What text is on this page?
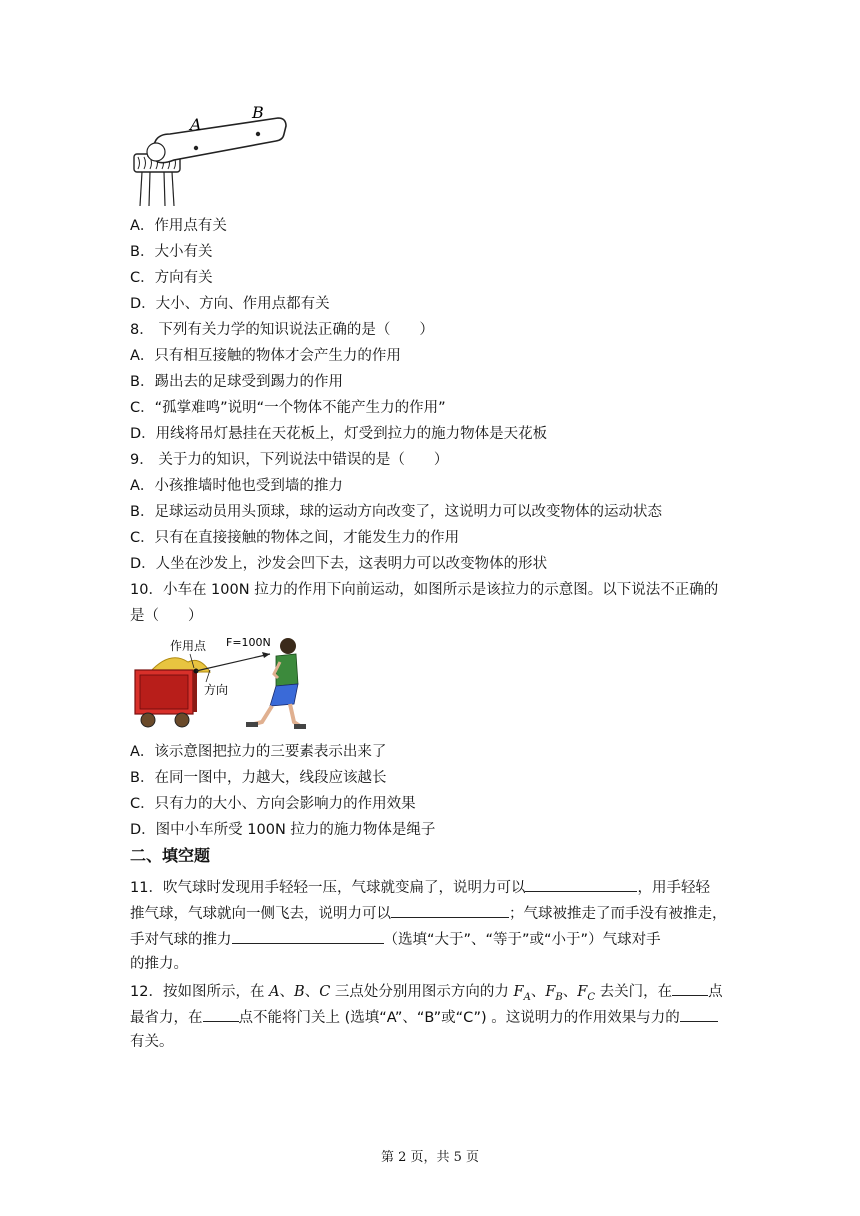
A
B
A．作用点有关
B．大小有关
C．方向有关
D．大小、方向、作用点都有关
8． 下列有关力学的知识说法正确的是（　　）
A．只有相互接触的物体才会产生力的作用
B．踢出去的足球受到踢力的作用
C．“孤掌难鸣”说明“一个物体不能产生力的作用”
D．用线将吊灯悬挂在天花板上，灯受到拉力的施力物体是天花板
9． 关于力的知识，下列说法中错误的是（　　）
A．小孩推墙时他也受到墙的推力
B．足球运动员用头顶球，球的运动方向改变了，这说明力可以改变物体的运动状态
C．只有在直接接触的物体之间，才能发生力的作用
D．人坐在沙发上，沙发会凹下去，这表明力可以改变物体的形状
10．小车在 100N 拉力的作用下向前运动，如图所示是该拉力的示意图。以下说法不正确的
是（　　）
作用点 F=100N
方向
A．该示意图把拉力的三要素表示出来了
B．在同一图中，力越大，线段应该越长
C．只有力的大小、方向会影响力的作用效果
D．图中小车所受 100N 拉力的施力物体是绳子
二、填空题
11．吹气球时发现用手轻轻一压，气球就变扁了，说明力可以	，用手轻轻
推气球，气球就向一侧飞去，说明力可以	；气球被推走了而手没有被推走，
手对气球的推力	（选填“大于”、“等于”或“小于”）气球对手
的推力。
12．按如图所示，在 A、B、C 三点处分别用图示方向的力 $F_A$、$F_B$、$F_C$ 去关门，在 点
最省力，在 点不能将门关上 (选填“A”、“B”或“C”) 。这说明力的作用效果与力的
有关。
第 2 页，共 5 页
